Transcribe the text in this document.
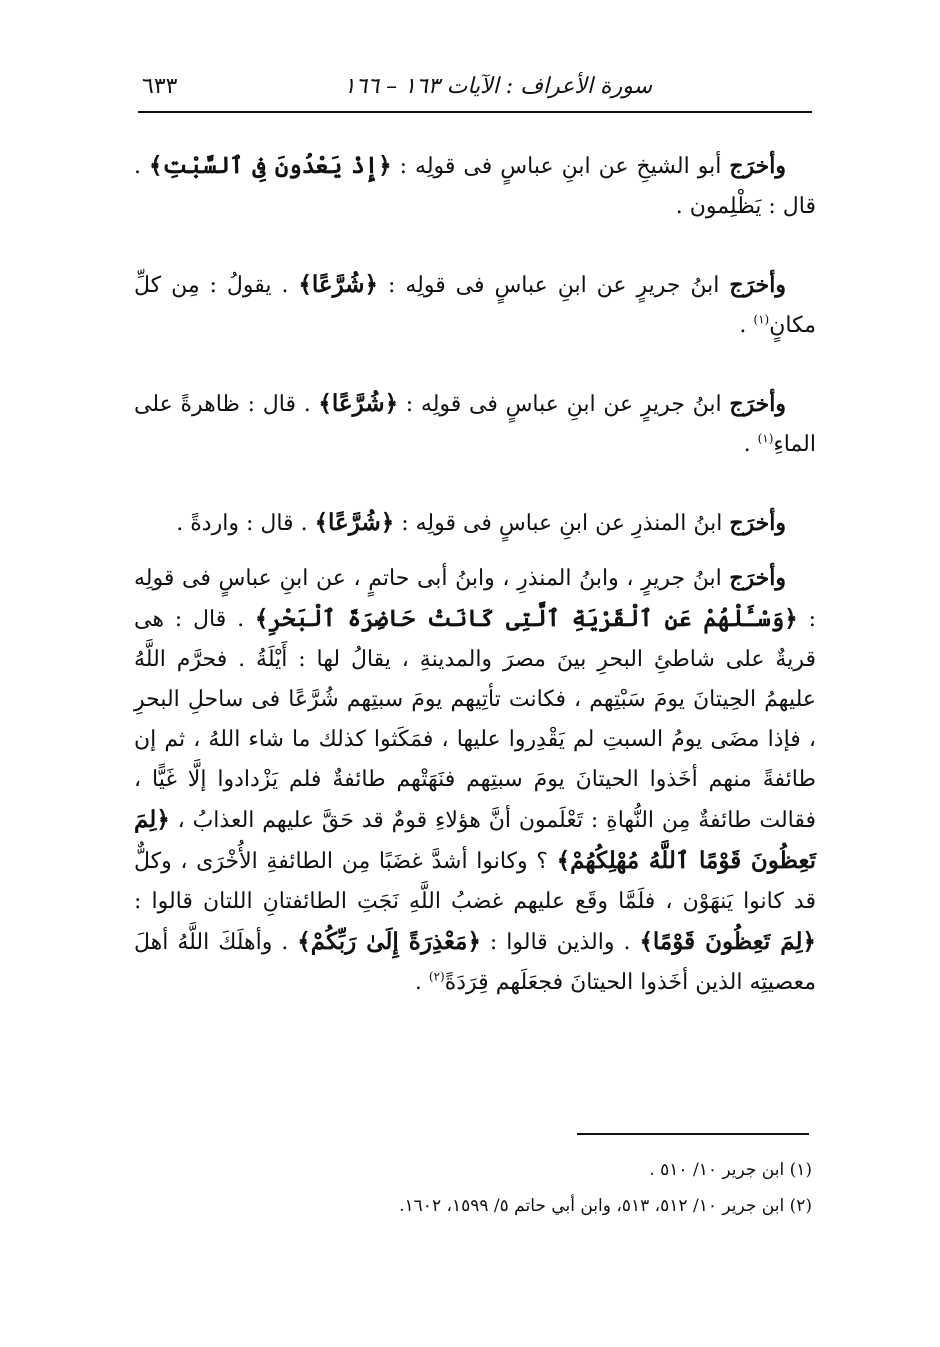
سورة الأعراف : الآيات ١٦٣ – ١٦٦
٦٣٣

وأخرَج أبو الشيخِ عن ابنِ عباسٍ فى قولِه : ﴿إِذْ يَعْدُونَ فِى ٱلسَّبْتِ﴾ . قال : يَظْلِمون .

وأخرَج ابنُ جريرٍ عن ابنِ عباسٍ فى قولِه : ﴿شُرَّعًا﴾ . يقولُ : مِن كلِّ مكانٍ$^{(١)}$ .

وأخرَج ابنُ جريرٍ عن ابنِ عباسٍ فى قولِه : ﴿شُرَّعًا﴾ . قال : ظاهرةً على الماءِ$^{(١)}$ .

وأخرَج ابنُ المنذرِ عن ابنِ عباسٍ فى قولِه : ﴿شُرَّعًا﴾ . قال : واردةً .

وأخرَج ابنُ جريرٍ ، وابنُ المنذرِ ، وابنُ أبى حاتمٍ ، عن ابنِ عباسٍ فى قولِه : ﴿وَسْـَٔلْهُمْ عَنِ ٱلْقَرْيَةِ ٱلَّتِى كَانَتْ حَاضِرَةَ ٱلْبَحْرِ﴾ . قال : هى قريةٌ على شاطئِ البحرِ بينَ مصرَ والمدينةِ ، يقالُ لها : أَيْلَةُ . فحرَّم اللَّهُ عليهمُ الحِيتانَ يومَ سَبْتِهم ، فكانت تأتِيهم يومَ سبتِهم شُرَّعًا فى ساحلِ البحرِ ، فإذا مضَى يومُ السبتِ لم يَقْدِروا عليها ، فمَكَثوا كذلك ما شاء اللهُ ، ثم إن طائفةً منهم أخَذوا الحيتانَ يومَ سبتِهم فنَهَتْهم طائفةٌ فلم يَزْدادوا إلَّا غَيًّا ، فقالت طائفةٌ مِن النُّهاةِ : تَعْلَمون أنَّ هؤلاءِ قومٌ قد حَقَّ عليهم العذابُ ، ﴿لِمَ تَعِظُونَ قَوْمًا ٱللَّهُ مُهْلِكُهُمْ﴾ ؟ وكانوا أشدَّ غضَبًا مِن الطائفةِ الأُخْرَى ، وكلٌّ قد كانوا يَنهَوْن ، فلَمَّا وقَع عليهم غضبُ اللَّهِ نَجَتِ الطائفتانِ اللتان قالوا : ﴿لِمَ تَعِظُونَ قَوْمًا﴾ . والذين قالوا : ﴿مَعْذِرَةً إِلَىٰ رَبِّكُمْ﴾ . وأهلَكَ اللَّهُ أهلَ معصيتِه الذين أخَذوا الحيتانَ فجعَلَهم قِرَدَةً$^{(٢)}$ .

(١) ابن جرير ١٠/ ٥١٠ .

(٢) ابن جرير ١٠/ ٥١٢، ٥١٣، وابن أبي حاتم ٥/ ١٥٩٩، ١٦٠٢.
